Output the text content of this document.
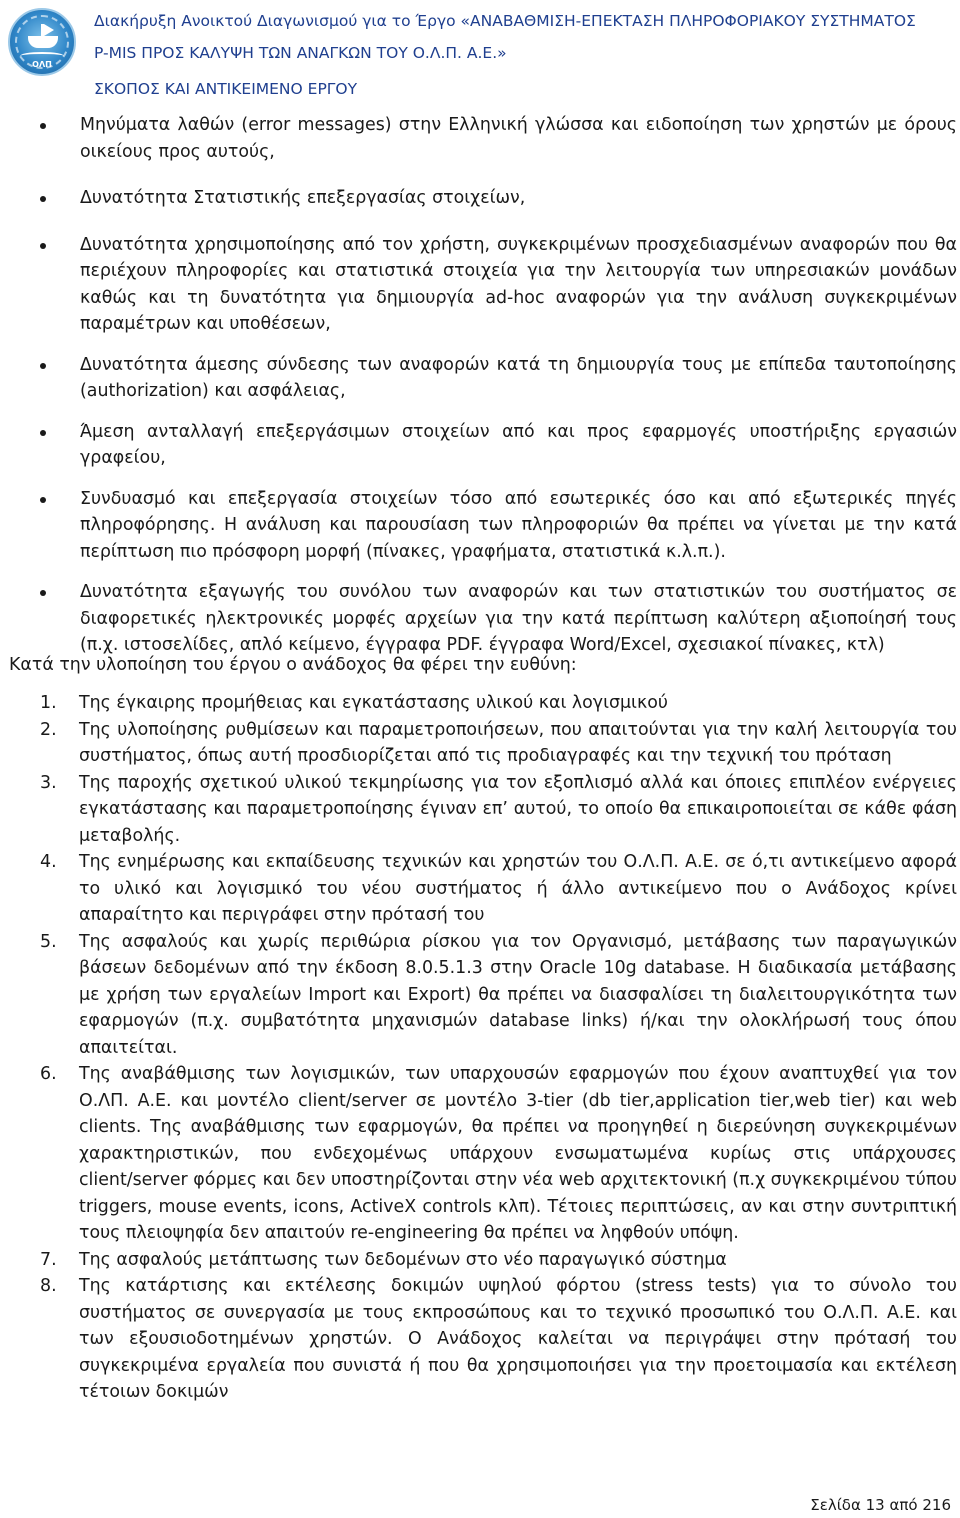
ΟΛΠ
Διακήρυξη Ανοικτού Διαγωνισμού για το Έργο «ΑΝΑΒΑΘΜΙΣΗ-ΕΠΕΚΤΑΣΗ ΠΛΗΡΟΦΟΡΙΑΚΟΥ ΣΥΣΤΗΜΑΤΟΣ
P-MIS ΠΡΟΣ ΚΑΛΥΨΗ ΤΩΝ ΑΝΑΓΚΩΝ ΤΟΥ Ο.Λ.Π. Α.Ε.»
ΣΚΟΠΟΣ ΚΑΙ ΑΝΤΙΚΕΙΜΕΝΟ ΕΡΓΟΥ
Μηνύματα λαθών (error messages) στην Ελληνική γλώσσα και ειδοποίηση των χρηστών με όρους οικείους προς αυτούς,
Δυνατότητα Στατιστικής επεξεργασίας στοιχείων,
Δυνατότητα χρησιμοποίησης από τον χρήστη, συγκεκριμένων προσχεδιασμένων αναφορών που θα περιέχουν πληροφορίες και στατιστικά στοιχεία για την λειτουργία των υπηρεσιακών μονάδων καθώς και τη δυνατότητα για δημιουργία ad-hoc αναφορών για την ανάλυση συγκεκριμένων παραμέτρων και υποθέσεων,
Δυνατότητα άμεσης σύνδεσης των αναφορών κατά τη δημιουργία τους με επίπεδα ταυτοποίησης (authorization) και ασφάλειας,
Άμεση ανταλλαγή επεξεργάσιμων στοιχείων από και προς εφαρμογές υποστήριξης εργασιών γραφείου,
Συνδυασμό και επεξεργασία στοιχείων τόσο από εσωτερικές όσο και από εξωτερικές πηγές πληροφόρησης. Η ανάλυση και παρουσίαση των πληροφοριών θα πρέπει να γίνεται με την κατά περίπτωση πιο πρόσφορη μορφή (πίνακες, γραφήματα, στατιστικά κ.λ.π.).
Δυνατότητα εξαγωγής του συνόλου των αναφορών και των στατιστικών του συστήματος σε διαφορετικές ηλεκτρονικές μορφές αρχείων για την κατά περίπτωση καλύτερη αξιοποίησή τους (π.χ. ιστοσελίδες, απλό κείμενο, έγγραφα PDF. έγγραφα Word/Excel, σχεσιακοί πίνακες, κτλ)
Κατά την υλοποίηση του έργου ο ανάδοχος θα φέρει την ευθύνη:
1. Της έγκαιρης προμήθειας και εγκατάστασης υλικού και λογισμικού
2. Της υλοποίησης ρυθμίσεων και παραμετροποιήσεων, που απαιτούνται για την καλή λειτουργία του συστήματος, όπως αυτή προσδιορίζεται από τις προδιαγραφές και την τεχνική του πρόταση
3. Της παροχής σχετικού υλικού τεκμηρίωσης για τον εξοπλισμό αλλά και όποιες επιπλέον ενέργειες εγκατάστασης και παραμετροποίησης έγιναν επ’ αυτού, το οποίο θα επικαιροποιείται σε κάθε φάση μεταβολής.
4. Της ενημέρωσης και εκπαίδευσης τεχνικών και χρηστών του Ο.Λ.Π. Α.Ε. σε ό,τι αντικείμενο αφορά το υλικό και λογισμικό του νέου συστήματος ή άλλο αντικείμενο που ο Ανάδοχος κρίνει απαραίτητο και περιγράφει στην πρότασή του
5. Της ασφαλούς και χωρίς περιθώρια ρίσκου για τον Οργανισμό, μετάβασης των παραγωγικών βάσεων δεδομένων από την έκδοση 8.0.5.1.3 στην Oracle 10g database. Η διαδικασία μετάβασης με χρήση των εργαλείων Import και Export) θα πρέπει να διασφαλίσει τη διαλειτουργικότητα των εφαρμογών (π.χ. συμβατότητα μηχανισμών database links) ή/και την ολοκλήρωσή τους όπου απαιτείται.
6. Της αναβάθμισης των λογισμικών, των υπαρχουσών εφαρμογών που έχουν αναπτυχθεί για τον Ο.ΛΠ. Α.Ε. και μοντέλο client/server σε μοντέλο 3-tier (db tier,application tier,web tier) και web clients. Της αναβάθμισης των εφαρμογών, θα πρέπει να προηγηθεί η διερεύνηση συγκεκριμένων χαρακτηριστικών, που ενδεχομένως υπάρχουν ενσωματωμένα κυρίως στις υπάρχουσες client/server φόρμες και δεν υποστηρίζονται στην νέα web αρχιτεκτονική (π.χ συγκεκριμένου τύπου triggers, mouse events, icons, ActiveX controls κλπ). Τέτοιες περιπτώσεις, αν και στην συντριπτική τους πλειοψηφία δεν απαιτούν re-engineering θα πρέπει να ληφθούν υπόψη.
7. Της ασφαλούς μετάπτωσης των δεδομένων στο νέο παραγωγικό σύστημα
8. Της κατάρτισης και εκτέλεσης δοκιμών υψηλού φόρτου (stress tests) για το σύνολο του συστήματος σε συνεργασία με τους εκπροσώπους και το τεχνικό προσωπικό του Ο.Λ.Π. Α.Ε. και των εξουσιοδοτημένων χρηστών. Ο Ανάδοχος καλείται να περιγράψει στην πρότασή του συγκεκριμένα εργαλεία που συνιστά ή που θα χρησιμοποιήσει για την προετοιμασία και εκτέλεση τέτοιων δοκιμών
Σελίδα 13 από 216
